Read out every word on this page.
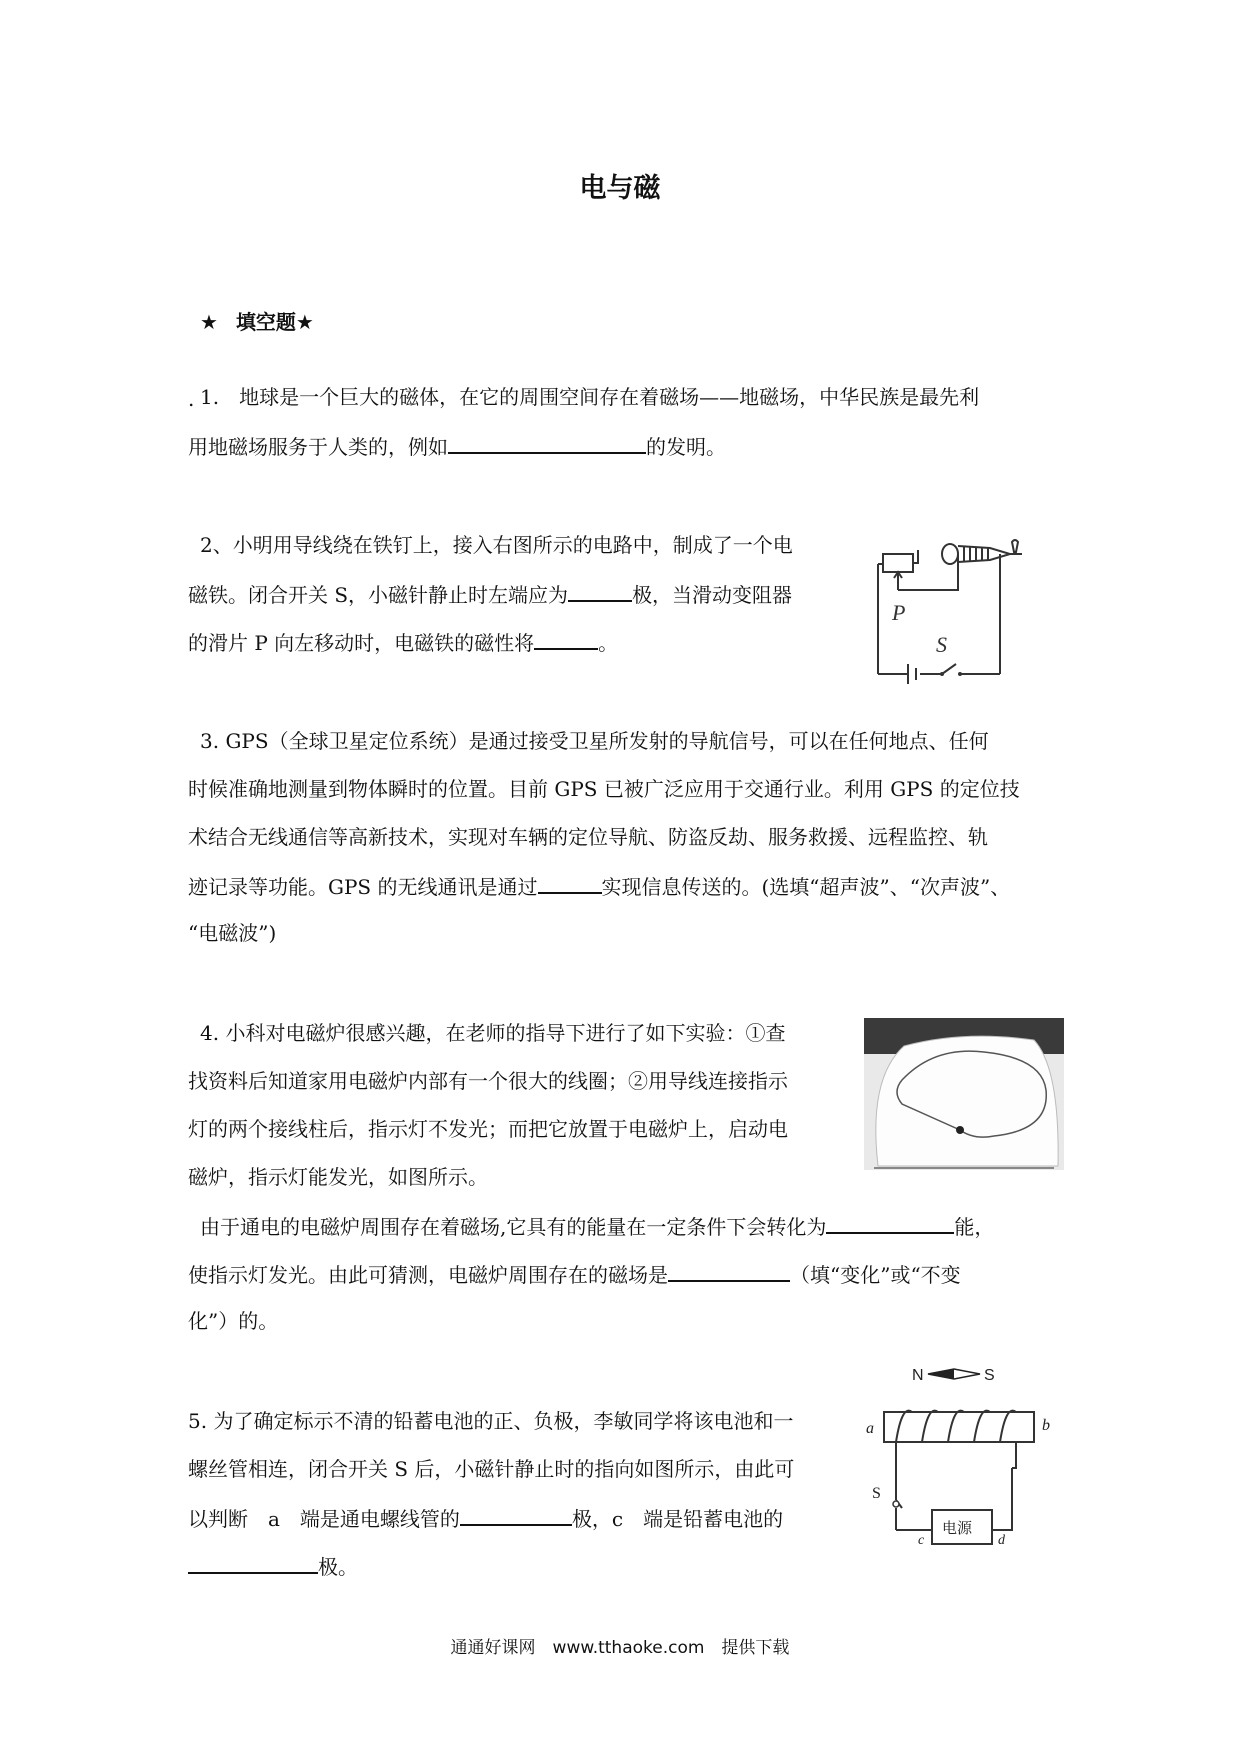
电与磁
★ 填空题★
. 1.　地球是一个巨大的磁体，在它的周围空间存在着磁场——地磁场，中华民族是最先利
用地磁场服务于人类的，例如	的发明。
2、小明用导线绕在铁钉上，接入右图所示的电路中，制成了一个电
磁铁。闭合开关 S，小磁针静止时左端应为	极，当滑动变阻器
的滑片 P 向左移动时，电磁铁的磁性将	。
P
S
3. GPS（全球卫星定位系统）是通过接受卫星所发射的导航信号，可以在任何地点、任何
时候准确地测量到物体瞬时的位置。目前 GPS 已被广泛应用于交通行业。利用 GPS 的定位技
术结合无线通信等高新技术，实现对车辆的定位导航、防盗反劫、服务救援、远程监控、轨
迹记录等功能。GPS 的无线通讯是通过	实现信息传送的。(选填“超声波”、“次声波”、
“电磁波”)
4. 小科对电磁炉很感兴趣，在老师的指导下进行了如下实验：①查
找资料后知道家用电磁炉内部有一个很大的线圈；②用导线连接指示
灯的两个接线柱后，指示灯不发光；而把它放置于电磁炉上，启动电
磁炉，指示灯能发光，如图所示。
由于通电的电磁炉周围存在着磁场,它具有的能量在一定条件下会转化为	能，
使指示灯发光。由此可猜测，电磁炉周围存在的磁场是	（填“变化”或“不变
化”）的。
5. 为了确定标示不清的铅蓄电池的正、负极，李敏同学将该电池和一
螺丝管相连，闭合开关 S 后，小磁针静止时的指向如图所示，由此可
以判断　a　端是通电螺线管的	极，c　端是铅蓄电池的
极。
N	S
a	b
S
c	d
电源
通通好课网　www.tthaoke.com　提供下载
